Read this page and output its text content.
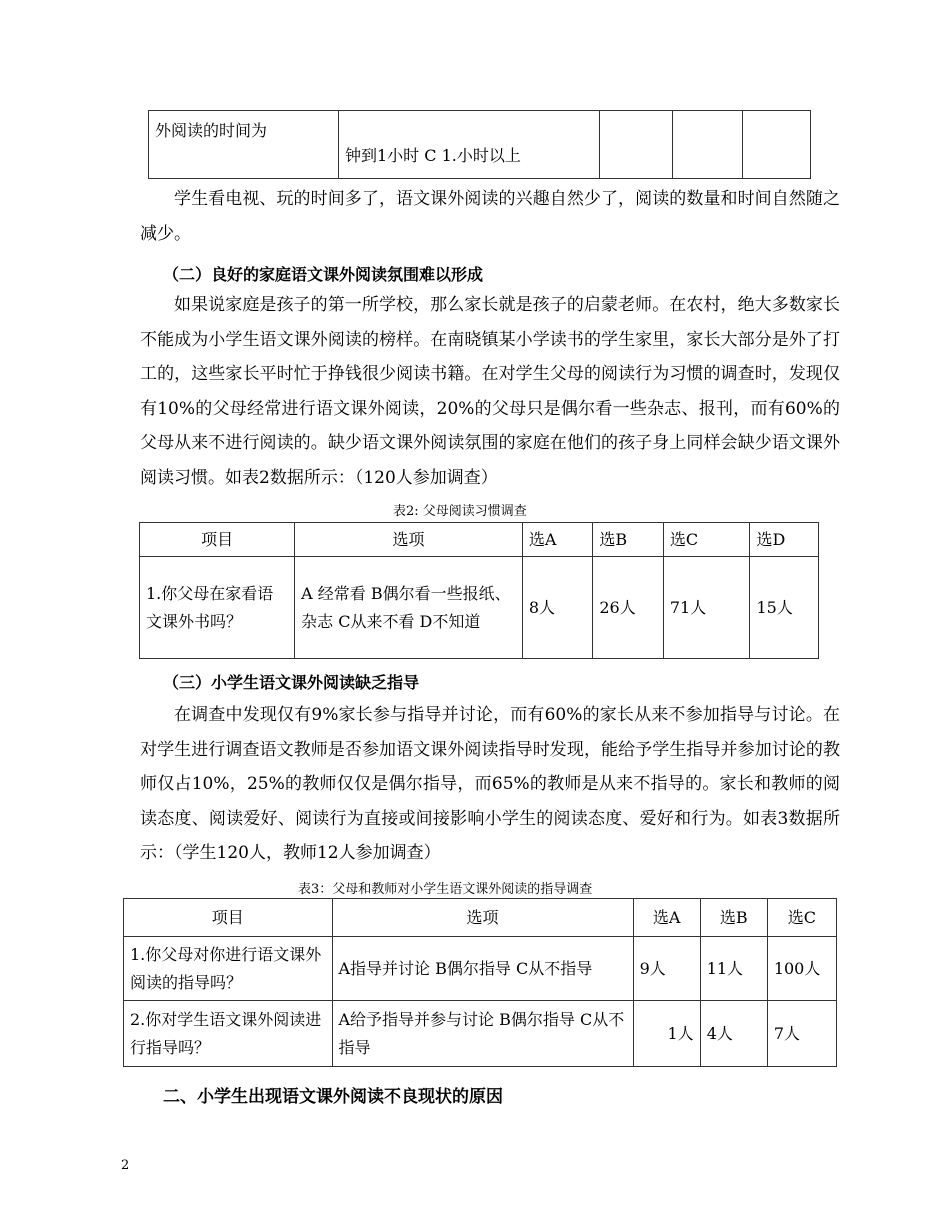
外阅读的时间为	钟到1小时 C 1.小时以上			

学生看电视、玩的时间多了，语文课外阅读的兴趣自然少了，阅读的数量和时间自然随之减少。

（二）良好的家庭语文课外阅读氛围难以形成

如果说家庭是孩子的第一所学校，那么家长就是孩子的启蒙老师。在农村，绝大多数家长不能成为小学生语文课外阅读的榜样。在南晓镇某小学读书的学生家里，家长大部分是外了打工的，这些家长平时忙于挣钱很少阅读书籍。在对学生父母的阅读行为习惯的调查时，发现仅有10%的父母经常进行语文课外阅读，20%的父母只是偶尔看一些杂志、报刊，而有60%的父母从来不进行阅读的。缺少语文课外阅读氛围的家庭在他们的孩子身上同样会缺少语文课外阅读习惯。如表2数据所示：（120人参加调查）

表2: 父母阅读习惯调查

项目	选项	选A	选B	选C	选D
1.你父母在家看语文课外书吗？	A 经常看 B偶尔看一些报纸、杂志 C从来不看 D不知道	8人	26人	71人	15人

（三）小学生语文课外阅读缺乏指导

在调查中发现仅有9%家长参与指导并讨论，而有60%的家长从来不参加指导与讨论。在对学生进行调查语文教师是否参加语文课外阅读指导时发现，能给予学生指导并参加讨论的教师仅占10%，25%的教师仅仅是偶尔指导，而65%的教师是从来不指导的。家长和教师的阅读态度、阅读爱好、阅读行为直接或间接影响小学生的阅读态度、爱好和行为。如表3数据所示：（学生120人，教师12人参加调查）

表3：父母和教师对小学生语文课外阅读的指导调查

项目	选项	选A	选B	选C
1.你父母对你进行语文课外阅读的指导吗？	A指导并讨论 B偶尔指导 C从不指导	9人	11人	100人
2.你对学生语文课外阅读进行指导吗？	A给予指导并参与讨论 B偶尔指导 C从不指导	1人	4人	7人

二、小学生出现语文课外阅读不良现状的原因

2
